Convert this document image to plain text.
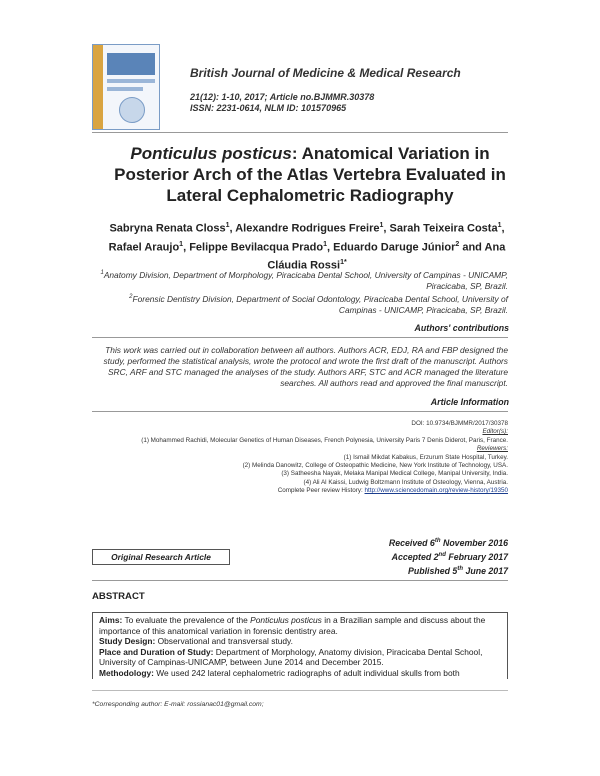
British Journal of Medicine & Medical Research
21(12): 1-10, 2017; Article no.BJMMR.30378
ISSN: 2231-0614, NLM ID: 101570965
Ponticulus posticus: Anatomical Variation in Posterior Arch of the Atlas Vertebra Evaluated in Lateral Cephalometric Radiography
Sabryna Renata Closs$^1$, Alexandre Rodrigues Freire$^1$, Sarah Teixeira Costa$^1$, Rafael Araujo$^1$, Felippe Bevilacqua Prado$^1$, Eduardo Daruge Júnior$^2$ and Ana Cláudia Rossi$^{1*}$
$^1$Anatomy Division, Department of Morphology, Piracicaba Dental School, University of Campinas - UNICAMP, Piracicaba, SP, Brazil.
$^2$Forensic Dentistry Division, Department of Social Odontology, Piracicaba Dental School, University of Campinas - UNICAMP, Piracicaba, SP, Brazil.
Authors' contributions
This work was carried out in collaboration between all authors. Authors ACR, EDJ, RA and FBP designed the study, performed the statistical analysis, wrote the protocol and wrote the first draft of the manuscript. Authors SRC, ARF and STC managed the analyses of the study. Authors ARF, STC and ACR managed the literature searches. All authors read and approved the final manuscript.
Article Information
DOI: 10.9734/BJMMR/2017/30378
Editor(s):
(1) Mohammed Rachidi, Molecular Genetics of Human Diseases, French Polynesia, University Paris 7 Denis Diderot, Paris, France.
Reviewers:
(1) Ismail Mikdat Kabakus, Erzurum State Hospital, Turkey.
(2) Melinda Danowitz, College of Osteopathic Medicine, New York Institute of Technology, USA.
(3) Satheesha Nayak, Melaka Manipal Medical College, Manipal University, India.
(4) Ali Al Kaissi, Ludwig Boltzmann Institute of Osteology, Vienna, Austria.
Complete Peer review History: http://www.sciencedomain.org/review-history/19350
Original Research Article
Received 6th November 2016
Accepted 2nd February 2017
Published 5th June 2017
ABSTRACT
Aims: To evaluate the prevalence of the Ponticulus posticus in a Brazilian sample and discuss about the importance of this anatomical variation in forensic dentistry area.
Study Design: Observational and transversal study.
Place and Duration of Study: Department of Morphology, Anatomy division, Piracicaba Dental School, University of Campinas-UNICAMP, between June 2014 and December 2015.
Methodology: We used 242 lateral cephalometric radiographs of adult individual skulls from both
*Corresponding author: E-mail: rossianac01@gmail.com;
